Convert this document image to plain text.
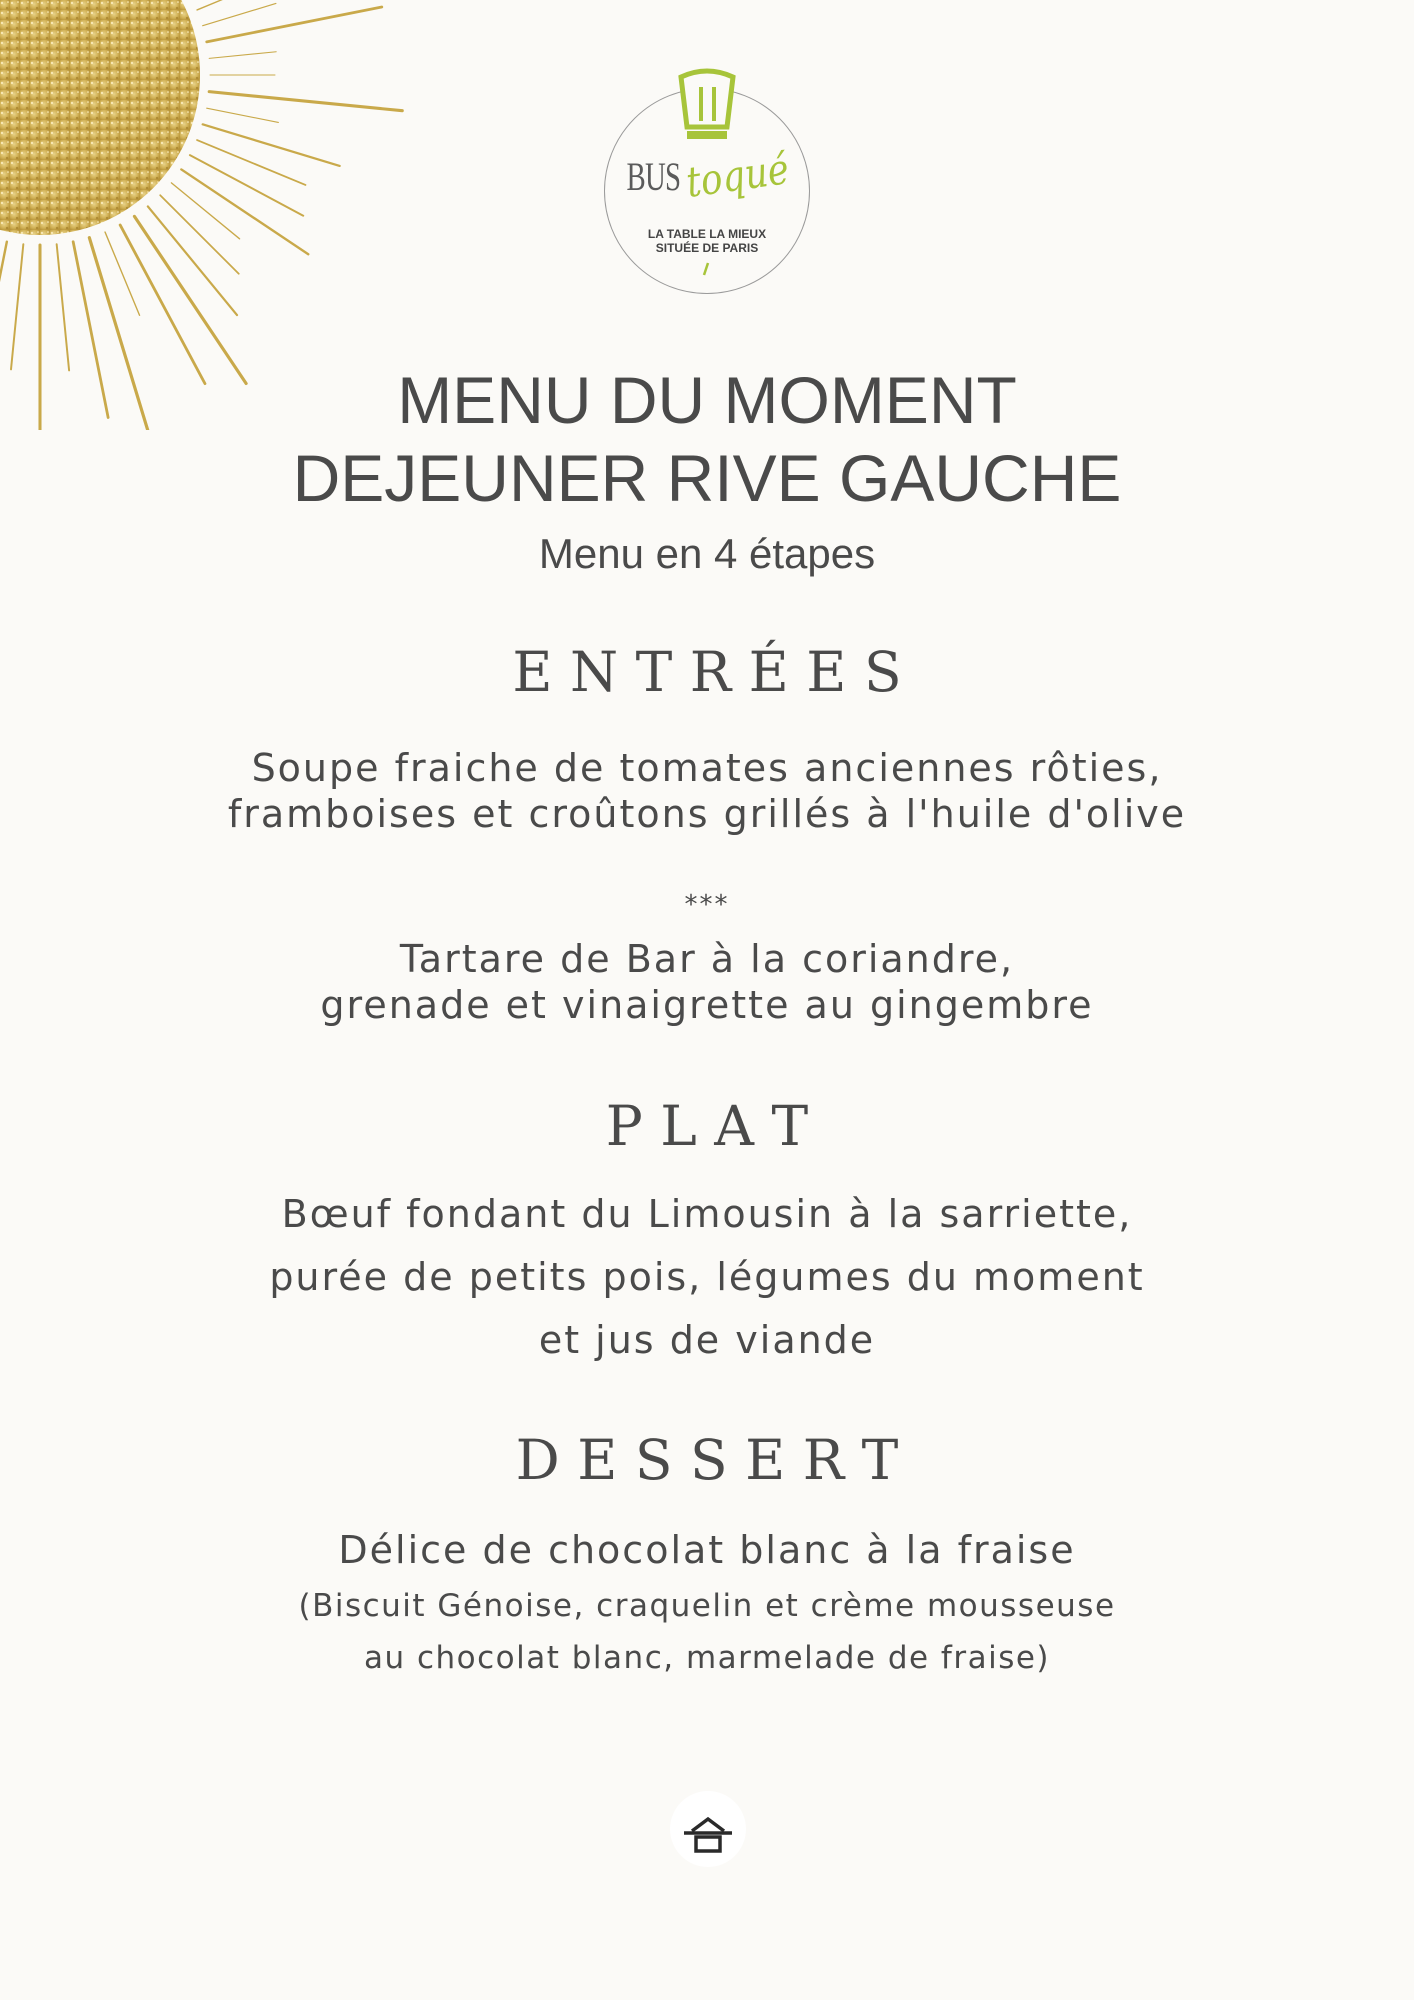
BUStoqué
LA TABLE LA MIEUX
SITUÉE DE PARIS
MENU DU MOMENT
DEJEUNER RIVE GAUCHE
Menu en 4 étapes
E N T R É E S
Soupe fraiche de tomates anciennes rôties,
framboises et croûtons grillés à l'huile d'olive
***
Tartare de Bar à la coriandre,
grenade et vinaigrette au gingembre
P L A T
Bœuf fondant du Limousin à la sarriette,
purée de petits pois, légumes du moment
et jus de viande
D E S S E R T
Délice de chocolat blanc à la fraise
(Biscuit Génoise, craquelin et crème mousseuse
au chocolat blanc, marmelade de fraise)
